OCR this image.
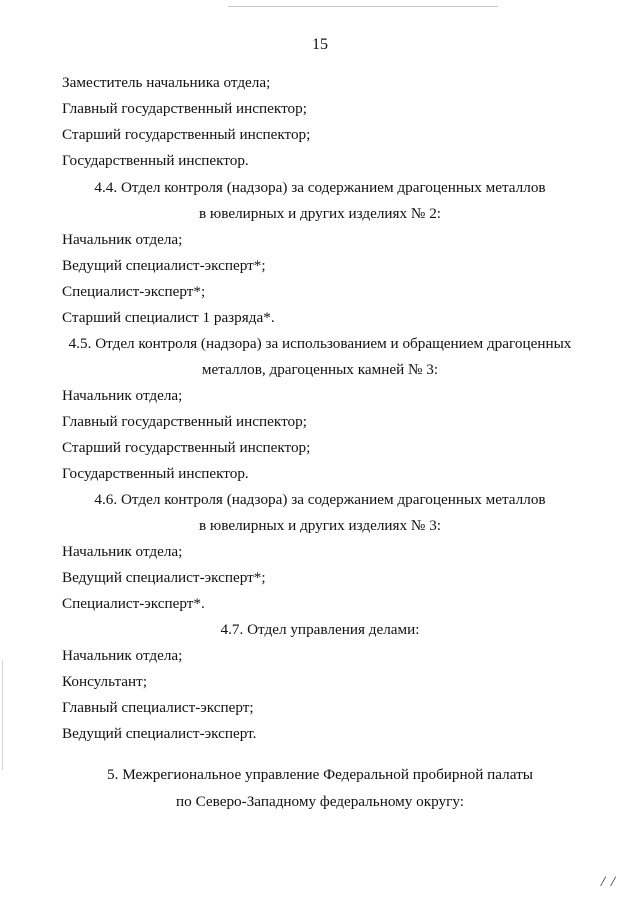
15
Заместитель начальника отдела;
Главный государственный инспектор;
Старший государственный инспектор;
Государственный инспектор.
4.4. Отдел контроля (надзора) за содержанием драгоценных металлов
в ювелирных и других изделиях № 2:
Начальник отдела;
Ведущий специалист-эксперт*;
Специалист-эксперт*;
Старший специалист 1 разряда*.
4.5. Отдел контроля (надзора) за использованием и обращением драгоценных
металлов, драгоценных камней № 3:
Начальник отдела;
Главный государственный инспектор;
Старший государственный инспектор;
Государственный инспектор.
4.6. Отдел контроля (надзора) за содержанием драгоценных металлов
в ювелирных и других изделиях № 3:
Начальник отдела;
Ведущий специалист-эксперт*;
Специалист-эксперт*.
4.7. Отдел управления делами:
Начальник отдела;
Консультант;
Главный специалист-эксперт;
Ведущий специалист-эксперт.
5. Межрегиональное управление Федеральной пробирной палаты
по Северо-Западному федеральному округу:
/ /
